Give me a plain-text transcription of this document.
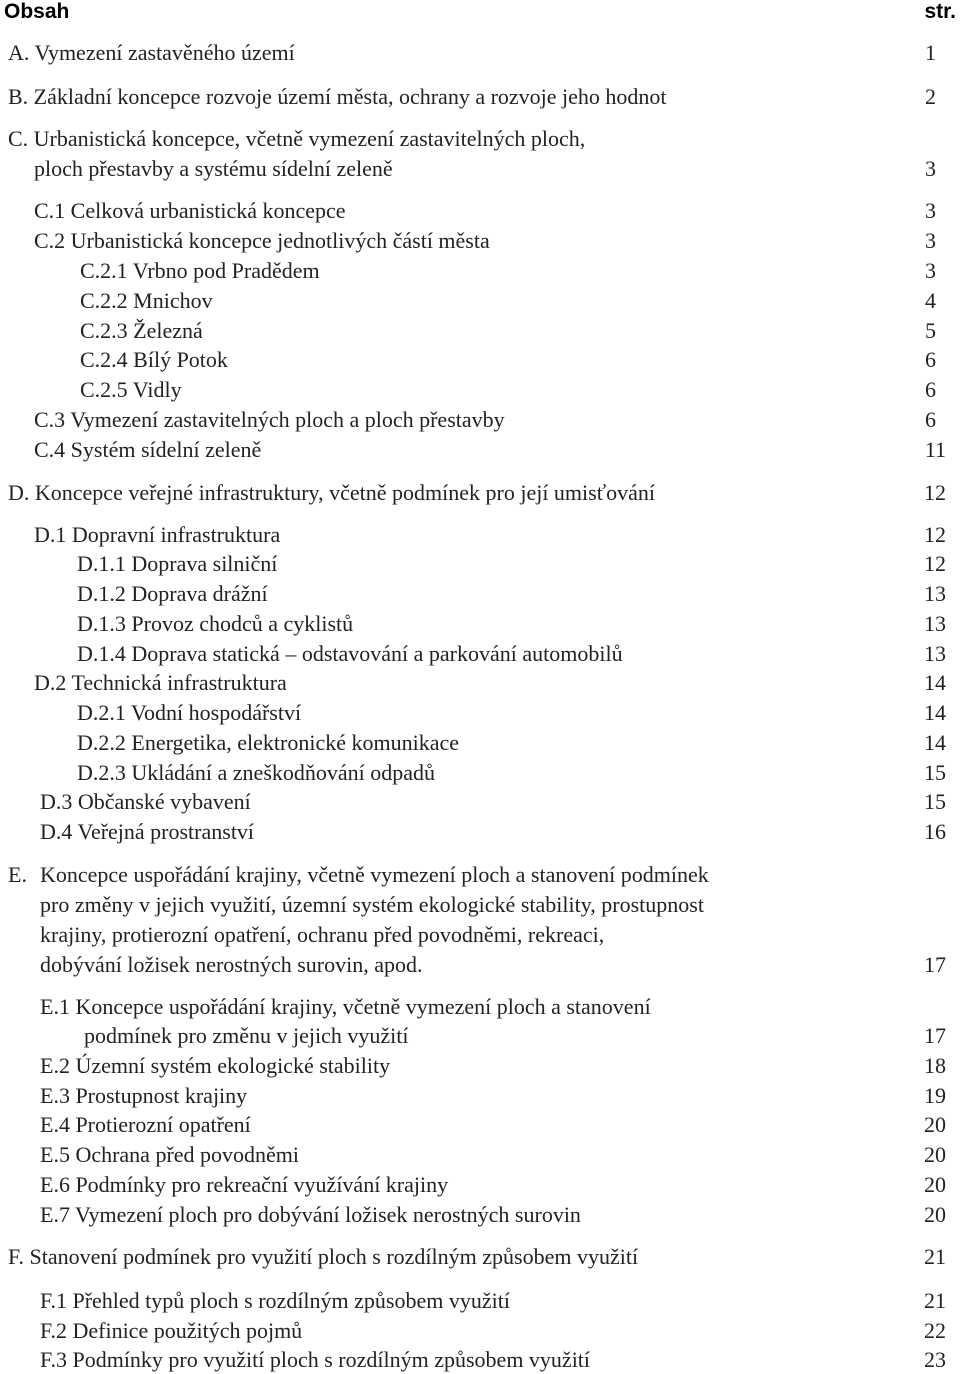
Obsah	str.
A. Vymezení zastavěného území	1
B. Základní koncepce rozvoje území města, ochrany a rozvoje jeho hodnot	2
C. Urbanistická koncepce, včetně vymezení zastavitelných ploch,
ploch přestavby a systému sídelní zeleně	3
C.1 Celková urbanistická koncepce	3
C.2 Urbanistická koncepce jednotlivých částí města	3
C.2.1 Vrbno pod Pradědem	3
C.2.2 Mnichov	4
C.2.3 Železná	5
C.2.4 Bílý Potok	6
C.2.5 Vidly	6
C.3 Vymezení zastavitelných ploch a ploch přestavby	6
C.4 Systém sídelní zeleně	11
D. Koncepce veřejné infrastruktury, včetně podmínek pro její umisťování	12
D.1 Dopravní infrastruktura	12
D.1.1 Doprava silniční	12
D.1.2 Doprava drážní	13
D.1.3 Provoz chodců a cyklistů	13
D.1.4 Doprava statická – odstavování a parkování automobilů	13
D.2 Technická infrastruktura	14
D.2.1 Vodní hospodářství	14
D.2.2 Energetika, elektronické komunikace	14
D.2.3 Ukládání a zneškodňování odpadů	15
D.3 Občanské vybavení	15
D.4 Veřejná prostranství	16
E. Koncepce uspořádání krajiny, včetně vymezení ploch a stanovení podmínek
pro změny v jejich využití, územní systém ekologické stability, prostupnost
krajiny, protierozní opatření, ochranu před povodněmi, rekreaci,
dobývání ložisek nerostných surovin, apod.	17
E.1 Koncepce uspořádání krajiny, včetně vymezení ploch a stanovení
podmínek pro změnu v jejich využití	17
E.2 Územní systém ekologické stability	18
E.3 Prostupnost krajiny	19
E.4 Protierozní opatření	20
E.5 Ochrana před povodněmi	20
E.6 Podmínky pro rekreační využívání krajiny	20
E.7 Vymezení ploch pro dobývání ložisek nerostných surovin	20
F. Stanovení podmínek pro využití ploch s rozdílným způsobem využití	21
F.1 Přehled typů ploch s rozdílným způsobem využití	21
F.2 Definice použitých pojmů	22
F.3 Podmínky pro využití ploch s rozdílným způsobem využití	23
